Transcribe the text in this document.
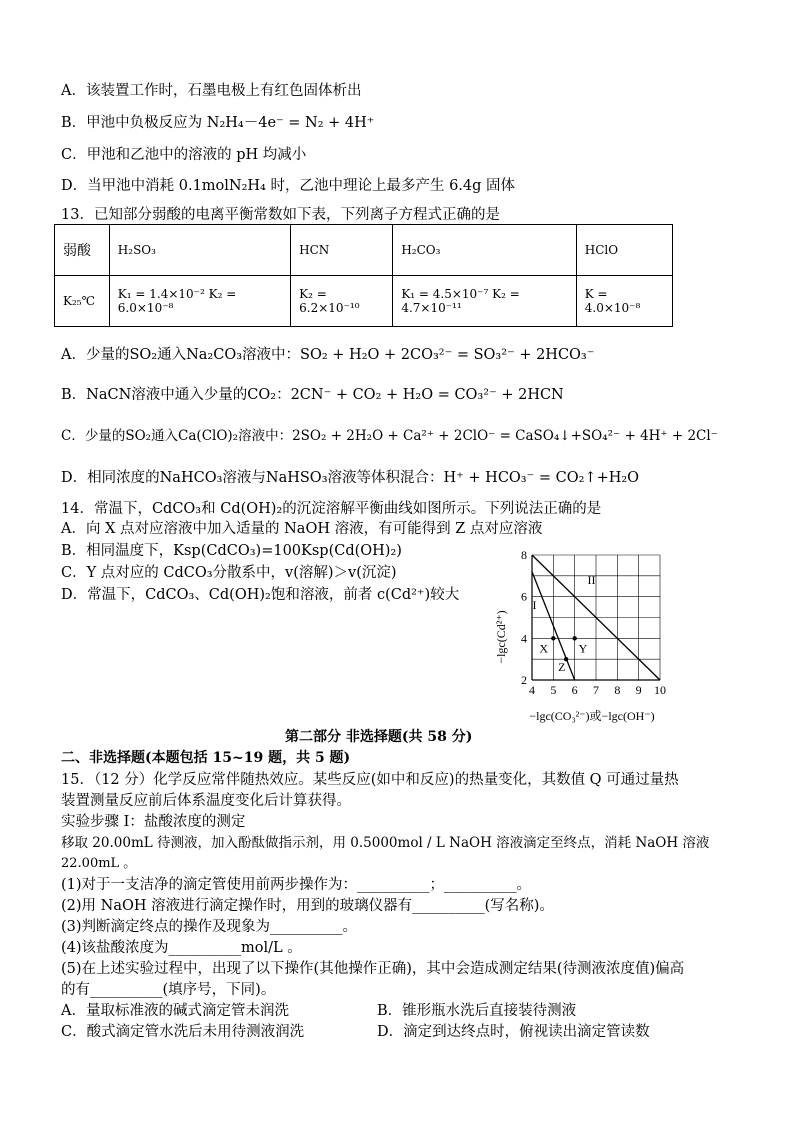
A．该装置工作时，石墨电极上有红色固体析出
B．甲池中负极反应为 N₂H₄－4e⁻ = N₂ + 4H⁺
C．甲池和乙池中的溶液的 pH 均减小
D．当甲池中消耗 0.1molN₂H₄ 时，乙池中理论上最多产生 6.4g 固体
13．已知部分弱酸的电离平衡常数如下表，下列离子方程式正确的是
弱酸	H₂SO₃	HCN	H₂CO₃	HClO
K₂₅℃	K₁ = 1.4×10⁻² K₂ = 6.0×10⁻⁸	K₂ = 6.2×10⁻¹⁰	K₁ = 4.5×10⁻⁷ K₂ = 4.7×10⁻¹¹	K = 4.0×10⁻⁸
A．少量的SO₂通入Na₂CO₃溶液中：SO₂ + H₂O + 2CO₃²⁻ = SO₃²⁻ + 2HCO₃⁻
B．NaCN溶液中通入少量的CO₂：2CN⁻ + CO₂ + H₂O = CO₃²⁻ + 2HCN
C．少量的SO₂通入Ca(ClO)₂溶液中：2SO₂ + 2H₂O + Ca²⁺ + 2ClO⁻ = CaSO₄↓+SO₄²⁻ + 4H⁺ + 2Cl⁻
D．相同浓度的NaHCO₃溶液与NaHSO₃溶液等体积混合：H⁺ + HCO₃⁻ = CO₂↑+H₂O
14．常温下，CdCO₃和 Cd(OH)₂的沉淀溶解平衡曲线如图所示。下列说法正确的是
A．向 X 点对应溶液中加入适量的 NaOH 溶液，有可能得到 Z 点对应溶液
B．相同温度下，Ksp(CdCO₃)=100Ksp(Cd(OH)₂)
C．Y 点对应的 CdCO₃分散系中，v(溶解)＞v(沉淀)
D．常温下，CdCO₃、Cd(OH)₂饱和溶液，前者 c(Cd²⁺)较大
I
II
X	Y
Z
4 5 6 7 8 9 10
2
4
6
8
−lgc(CO₃²⁻)或−lgc(OH⁻)
−lgc(Cd²⁺)
第二部分 非选择题(共 58 分)
二、非选择题(本题包括 15~19 题，共 5 题)
15．（12 分）化学反应常伴随热效应。某些反应(如中和反应)的热量变化，其数值 Q 可通过量热
装置测量反应前后体系温度变化后计算获得。
实验步骤 I：盐酸浓度的测定
移取 20.00mL 待测液，加入酚酞做指示剂，用 0.5000mol / L NaOH 溶液滴定至终点，消耗 NaOH 溶液
22.00mL 。
(1)对于一支洁净的滴定管使用前两步操作为：__________；__________。
(2)用 NaOH 溶液进行滴定操作时，用到的玻璃仪器有__________(写名称)。
(3)判断滴定终点的操作及现象为__________。
(4)该盐酸浓度为__________mol/L 。
(5)在上述实验过程中，出现了以下操作(其他操作正确)，其中会造成测定结果(待测液浓度值)偏高
的有__________(填序号，下同)。
A．量取标准液的碱式滴定管未润洗	B．锥形瓶水洗后直接装待测液
C．酸式滴定管水洗后未用待测液润洗	D．滴定到达终点时，俯视读出滴定管读数
